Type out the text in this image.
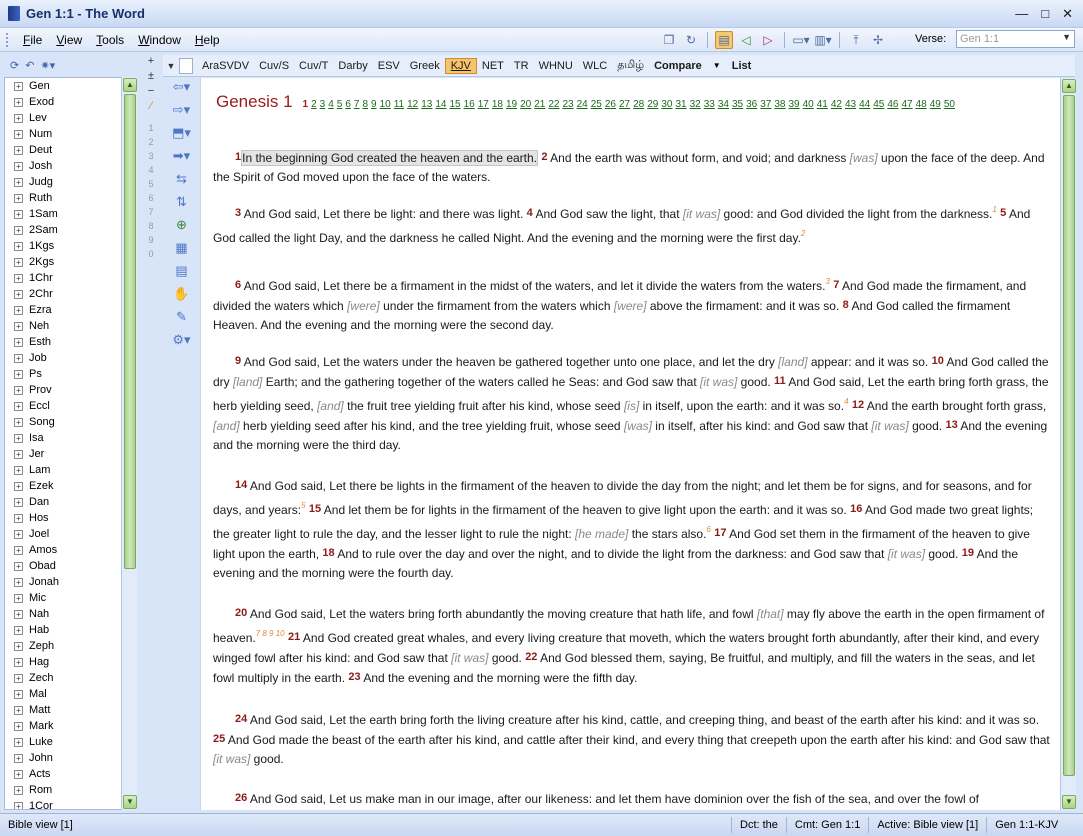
Gen 1:1 - The Word	— □ ✕
File	View	Tools	Window	Help	❐ ↻	▤ ◁	▷	▭▾ ▥▾	⤒	✢	Verse:	Gen 1:1	▼
⟳ ↶ ✷▾
+ Gen
+ Exod
+ Lev
+ Num
+ Deut
+ Josh
+ Judg
+ Ruth
+ 1Sam
+ 2Sam
+ 1Kgs
+ 2Kgs
+ 1Chr
+ 2Chr
+ Ezra
+ Neh
+ Esth
+ Job
+ Ps
+ Prov
+ Eccl
+ Song
+ Isa
+ Jer
+ Lam
+ Ezek
+ Dan
+ Hos
+ Joel
+ Amos
+ Obad
+ Jonah
+ Mic
+ Nah
+ Hab
+ Zeph
+ Hag
+ Zech
+ Mal
+ Matt
+ Mark
+ Luke
+ John
+ Acts
+ Rom
+ 1Cor
▲
▼
+
±
−
⁄
1
2
3
4
5
6
7
8
9
0
▼	AraSVDV Cuv/S Cuv/T Darby ESV Greek	KJV	NET TR WHNU WLC தமிழ் Compare	▼	List
⇦▾
⇨▾
⬒▾
➡▾
⇆
⇅
⊕
▦
▤
✋
✎
⚙▾
Genesis 1 1 2 3 4 5 6 7 8 9 10 11 12 13 14 15 16 17 18 19 20 21 22 23 24 25 26 27 28 29 30 31 32 33 34 35 36 37 38 39 40 41 42 43 44 45 46 47 48 49 50
1In the beginning God created the heaven and the earth. 2 And the earth was without form, and void; and darkness [was] upon the face of the deep. And the Spirit of God moved upon the face of the waters.
3 And God said, Let there be light: and there was light. 4 And God saw the light, that [it was] good: and God divided the light from the darkness.$^1$ 5 And God called the light Day, and the darkness he called Night. And the evening and the morning were the first day.$^2$
6 And God said, Let there be a firmament in the midst of the waters, and let it divide the waters from the waters.$^3$ 7 And God made the firmament, and divided the waters which [were] under the firmament from the waters which [were] above the firmament: and it was so. 8 And God called the firmament Heaven. And the evening and the morning were the second day.
9 And God said, Let the waters under the heaven be gathered together unto one place, and let the dry [land] appear: and it was so. 10 And God called the dry [land] Earth; and the gathering together of the waters called he Seas: and God saw that [it was] good. 11 And God said, Let the earth bring forth grass, the herb yielding seed, [and] the fruit tree yielding fruit after his kind, whose seed [is] in itself, upon the earth: and it was so.$^4$ 12 And the earth brought forth grass, [and] herb yielding seed after his kind, and the tree yielding fruit, whose seed [was] in itself, after his kind: and God saw that [it was] good. 13 And the evening and the morning were the third day.
14 And God said, Let there be lights in the firmament of the heaven to divide the day from the night; and let them be for signs, and for seasons, and for days, and years:$^5$ 15 And let them be for lights in the firmament of the heaven to give light upon the earth: and it was so. 16 And God made two great lights; the greater light to rule the day, and the lesser light to rule the night: [he made] the stars also.$^6$ 17 And God set them in the firmament of the heaven to give light upon the earth, 18 And to rule over the day and over the night, and to divide the light from the darkness: and God saw that [it was] good. 19 And the evening and the morning were the fourth day.
20 And God said, Let the waters bring forth abundantly the moving creature that hath life, and fowl [that] may fly above the earth in the open firmament of heaven.$^{7 8 9 10}$ 21 And God created great whales, and every living creature that moveth, which the waters brought forth abundantly, after their kind, and every winged fowl after his kind: and God saw that [it was] good. 22 And God blessed them, saying, Be fruitful, and multiply, and fill the waters in the seas, and let fowl multiply in the earth. 23 And the evening and the morning were the fifth day.
24 And God said, Let the earth bring forth the living creature after his kind, cattle, and creeping thing, and beast of the earth after his kind: and it was so. 25 And God made the beast of the earth after his kind, and cattle after their kind, and every thing that creepeth upon the earth after his kind: and God saw that [it was] good.
26 And God said, Let us make man in our image, after our likeness: and let them have dominion over the fish of the sea, and over the fowl of
▲
▼
Bible view [1]	Dct: the	Cmt: Gen 1:1	Active: Bible view [1]	Gen 1:1-KJV
